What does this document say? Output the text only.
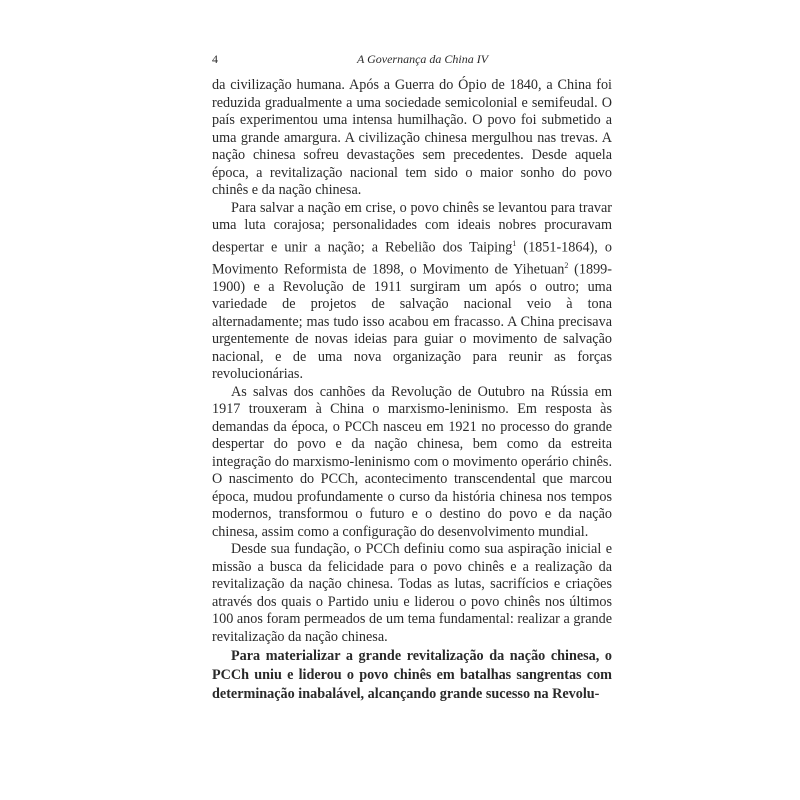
4	A Governança da China IV

da civilização humana. Após a Guerra do Ópio de 1840, a China foi reduzida gradualmente a uma sociedade semicolonial e semifeudal. O país experimentou uma intensa humilhação. O povo foi submetido a uma grande amargura. A civilização chinesa mergulhou nas trevas. A nação chinesa sofreu devastações sem precedentes. Desde aquela época, a revitalização nacional tem sido o maior sonho do povo chinês e da nação chinesa.

Para salvar a nação em crise, o povo chinês se levantou para travar uma luta corajosa; personalidades com ideais nobres procuravam despertar e unir a nação; a Rebelião dos Taiping$^1$ (1851-1864), o Movimento Reformista de 1898, o Movimento de Yihetuan$^2$ (1899-1900) e a Revolução de 1911 surgiram um após o outro; uma variedade de projetos de salvação nacional veio à tona alternadamente; mas tudo isso acabou em fracasso. A China precisava urgentemente de novas ideias para guiar o movimento de salvação nacional, e de uma nova organização para reunir as forças revolucionárias.

As salvas dos canhões da Revolução de Outubro na Rússia em 1917 trouxeram à China o marxismo-leninismo. Em resposta às demandas da época, o PCCh nasceu em 1921 no processo do grande despertar do povo e da nação chinesa, bem como da estreita integração do marxismo-leninismo com o movimento operário chinês. O nascimento do PCCh, acontecimento transcendental que marcou época, mudou profundamente o curso da história chinesa nos tempos modernos, transformou o futuro e o destino do povo e da nação chinesa, assim como a configuração do desenvolvimento mundial.

Desde sua fundação, o PCCh definiu como sua aspiração inicial e missão a busca da felicidade para o povo chinês e a realização da revitalização da nação chinesa. Todas as lutas, sacrifícios e criações através dos quais o Partido uniu e liderou o povo chinês nos últimos 100 anos foram permeados de um tema fundamental: realizar a grande revitalização da nação chinesa.

Para materializar a grande revitalização da nação chinesa, o PCCh uniu e liderou o povo chinês em batalhas sangrentas com determinação inabalável, alcançando grande sucesso na Revolu-
